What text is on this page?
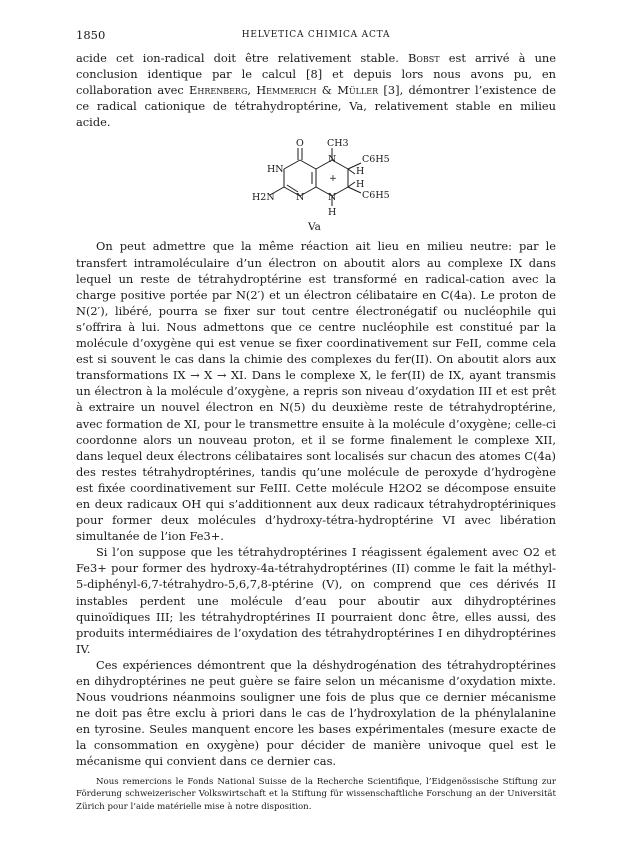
1850	HELVETICA CHIMICA ACTA

acide cet ion-radical doit être relativement stable. Bobst est arrivé à une conclusion identique par le calcul [8] et depuis lors nous avons pu, en collaboration avec Ehrenberg, Hemmerich & Müller [3], démontrer l’existence de ce radical cationique de tétrahydroptérine, Va, relativement stable en milieu acide.

O CH3
HN
N	C6H5
H
+
H2N N N
H
C6H5
H
Va

On peut admettre que la même réaction ait lieu en milieu neutre: par le transfert intramoléculaire d’un électron on aboutit alors au complexe IX dans lequel un reste de tétrahydroptérine est transformé en radical-cation avec la charge positive portée par N(2′) et un électron célibataire en C(4a). Le proton de N(2′), libéré, pourra se fixer sur tout centre électronégatif ou nucléophile qui s’offrira à lui. Nous admettons que ce centre nucléophile est constitué par la molécule d’oxygène qui est venue se fixer coordinativement sur FeII, comme cela est si souvent le cas dans la chimie des complexes du fer(II). On aboutit alors aux transformations IX → X → XI. Dans le complexe X, le fer(II) de IX, ayant transmis un électron à la molécule d’oxygène, a repris son niveau d’oxydation III et est prêt à extraire un nouvel électron en N(5) du deuxième reste de tétrahydroptérine, avec formation de XI, pour le transmettre ensuite à la molécule d’oxygène; celle-ci coordonne alors un nouveau proton, et il se forme finalement le complexe XII, dans lequel deux électrons célibataires sont localisés sur chacun des atomes C(4a) des restes tétrahydroptérines, tandis qu’une molécule de peroxyde d’hydrogène est fixée coordinativement sur FeIII. Cette molécule H2O2 se décompose ensuite en deux radicaux OH qui s’additionnent aux deux radicaux tétrahydroptériniques pour former deux molécules d’hydroxy-tétra-hydroptérine VI avec libération simultanée de l’ion Fe3+.

Si l’on suppose que les tétrahydroptérines I réagissent également avec O2 et Fe3+ pour former des hydroxy-4a-tétrahydroptérines (II) comme le fait la méthyl-5-diphényl-6,7-tétrahydro-5,6,7,8-ptérine (V), on comprend que ces dérivés II instables perdent une molécule d’eau pour aboutir aux dihydroptérines quinoïdiques III; les tétrahydroptérines II pourraient donc être, elles aussi, des produits intermédiaires de l’oxydation des tétrahydroptérines I en dihydroptérines IV.

Ces expériences démontrent que la déshydrogénation des tétrahydroptérines en dihydroptérines ne peut guère se faire selon un mécanisme d’oxydation mixte. Nous voudrions néanmoins souligner une fois de plus que ce dernier mécanisme ne doit pas être exclu à priori dans le cas de l’hydroxylation de la phénylalanine en tyrosine. Seules manquent encore les bases expérimentales (mesure exacte de la consommation en oxygène) pour décider de manière univoque quel est le mécanisme qui convient dans ce dernier cas.

Nous remercions le Fonds National Suisse de la Recherche Scientifique, l’Eidgenössische Stiftung zur Förderung schweizerischer Volkswirtschaft et la Stiftung für wissenschaftliche Forschung an der Universität Zürich pour l’aide matérielle mise à notre disposition.
